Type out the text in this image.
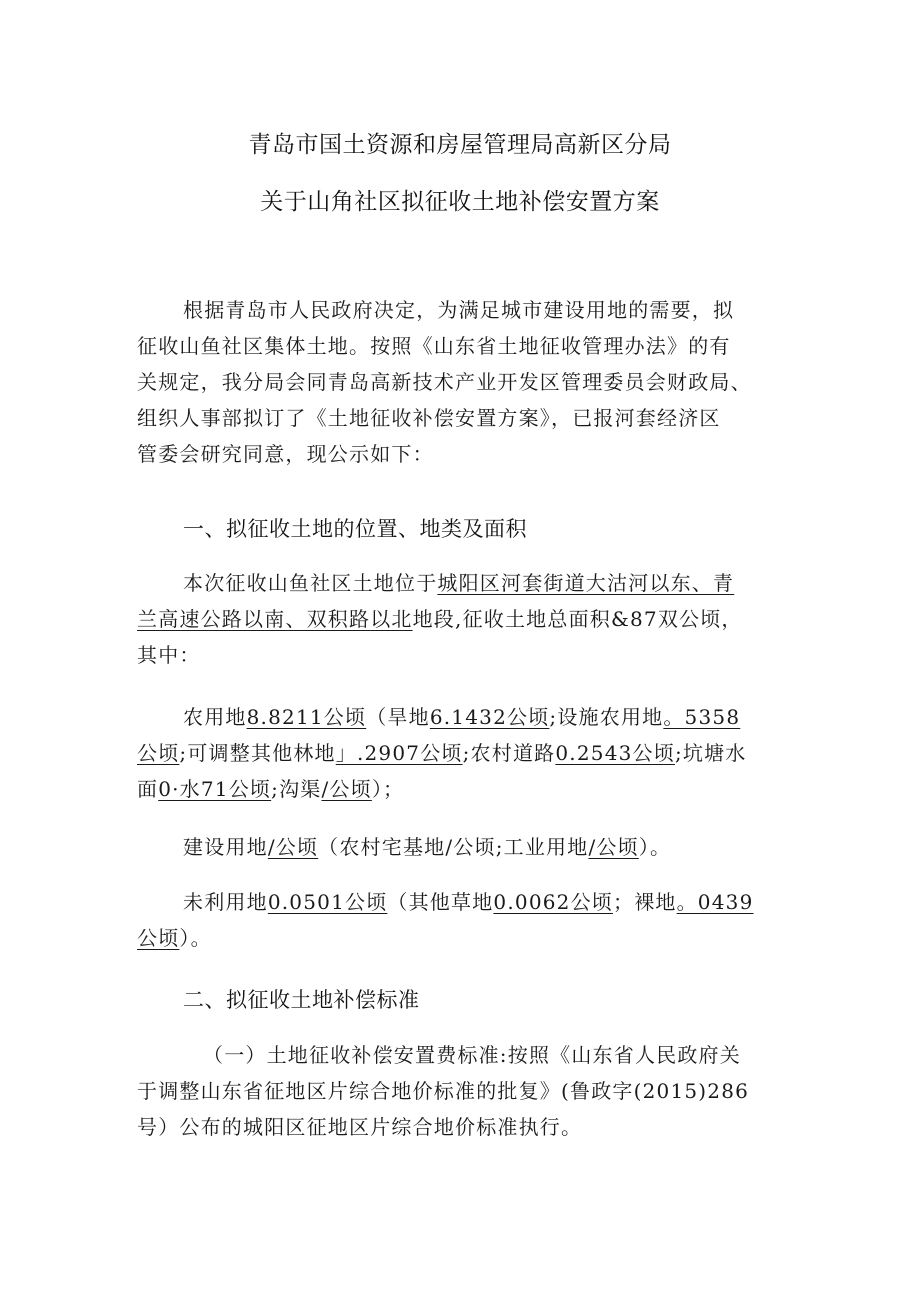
青岛市国土资源和房屋管理局高新区分局
关于山角社区拟征收土地补偿安置方案
根据青岛市人民政府决定，为满足城市建设用地的需要，拟
征收山鱼社区集体土地。按照《山东省土地征收管理办法》的有
关规定，我分局会同青岛高新技术产业开发区管理委员会财政局、
组织人事部拟订了《土地征收补偿安置方案》，已报河套经济区
管委会研究同意，现公示如下：
一、拟征收土地的位置、地类及面积
本次征收山鱼社区土地位于城阳区河套街道大沽河以东、青
兰高速公路以南、双积路以北地段,征收土地总面积&87双公顷，
其中：
农用地8.8211公顷（旱地6.1432公顷;设施农用地。5358
公顷;可调整其他林地」.2907公顷;农村道路0.2543公顷;坑塘水
面0·水71公顷;沟渠/公顷）；
建设用地/公顷（农村宅基地/公顷;工业用地/公顷）。
未利用地0.0501公顷（其他草地0.0062公顷；裸地。0439
公顷）。
二、拟征收土地补偿标准
（一）土地征收补偿安置费标准:按照《山东省人民政府关
于调整山东省征地区片综合地价标准的批复》(鲁政字(2015)286
号）公布的城阳区征地区片综合地价标准执行。
